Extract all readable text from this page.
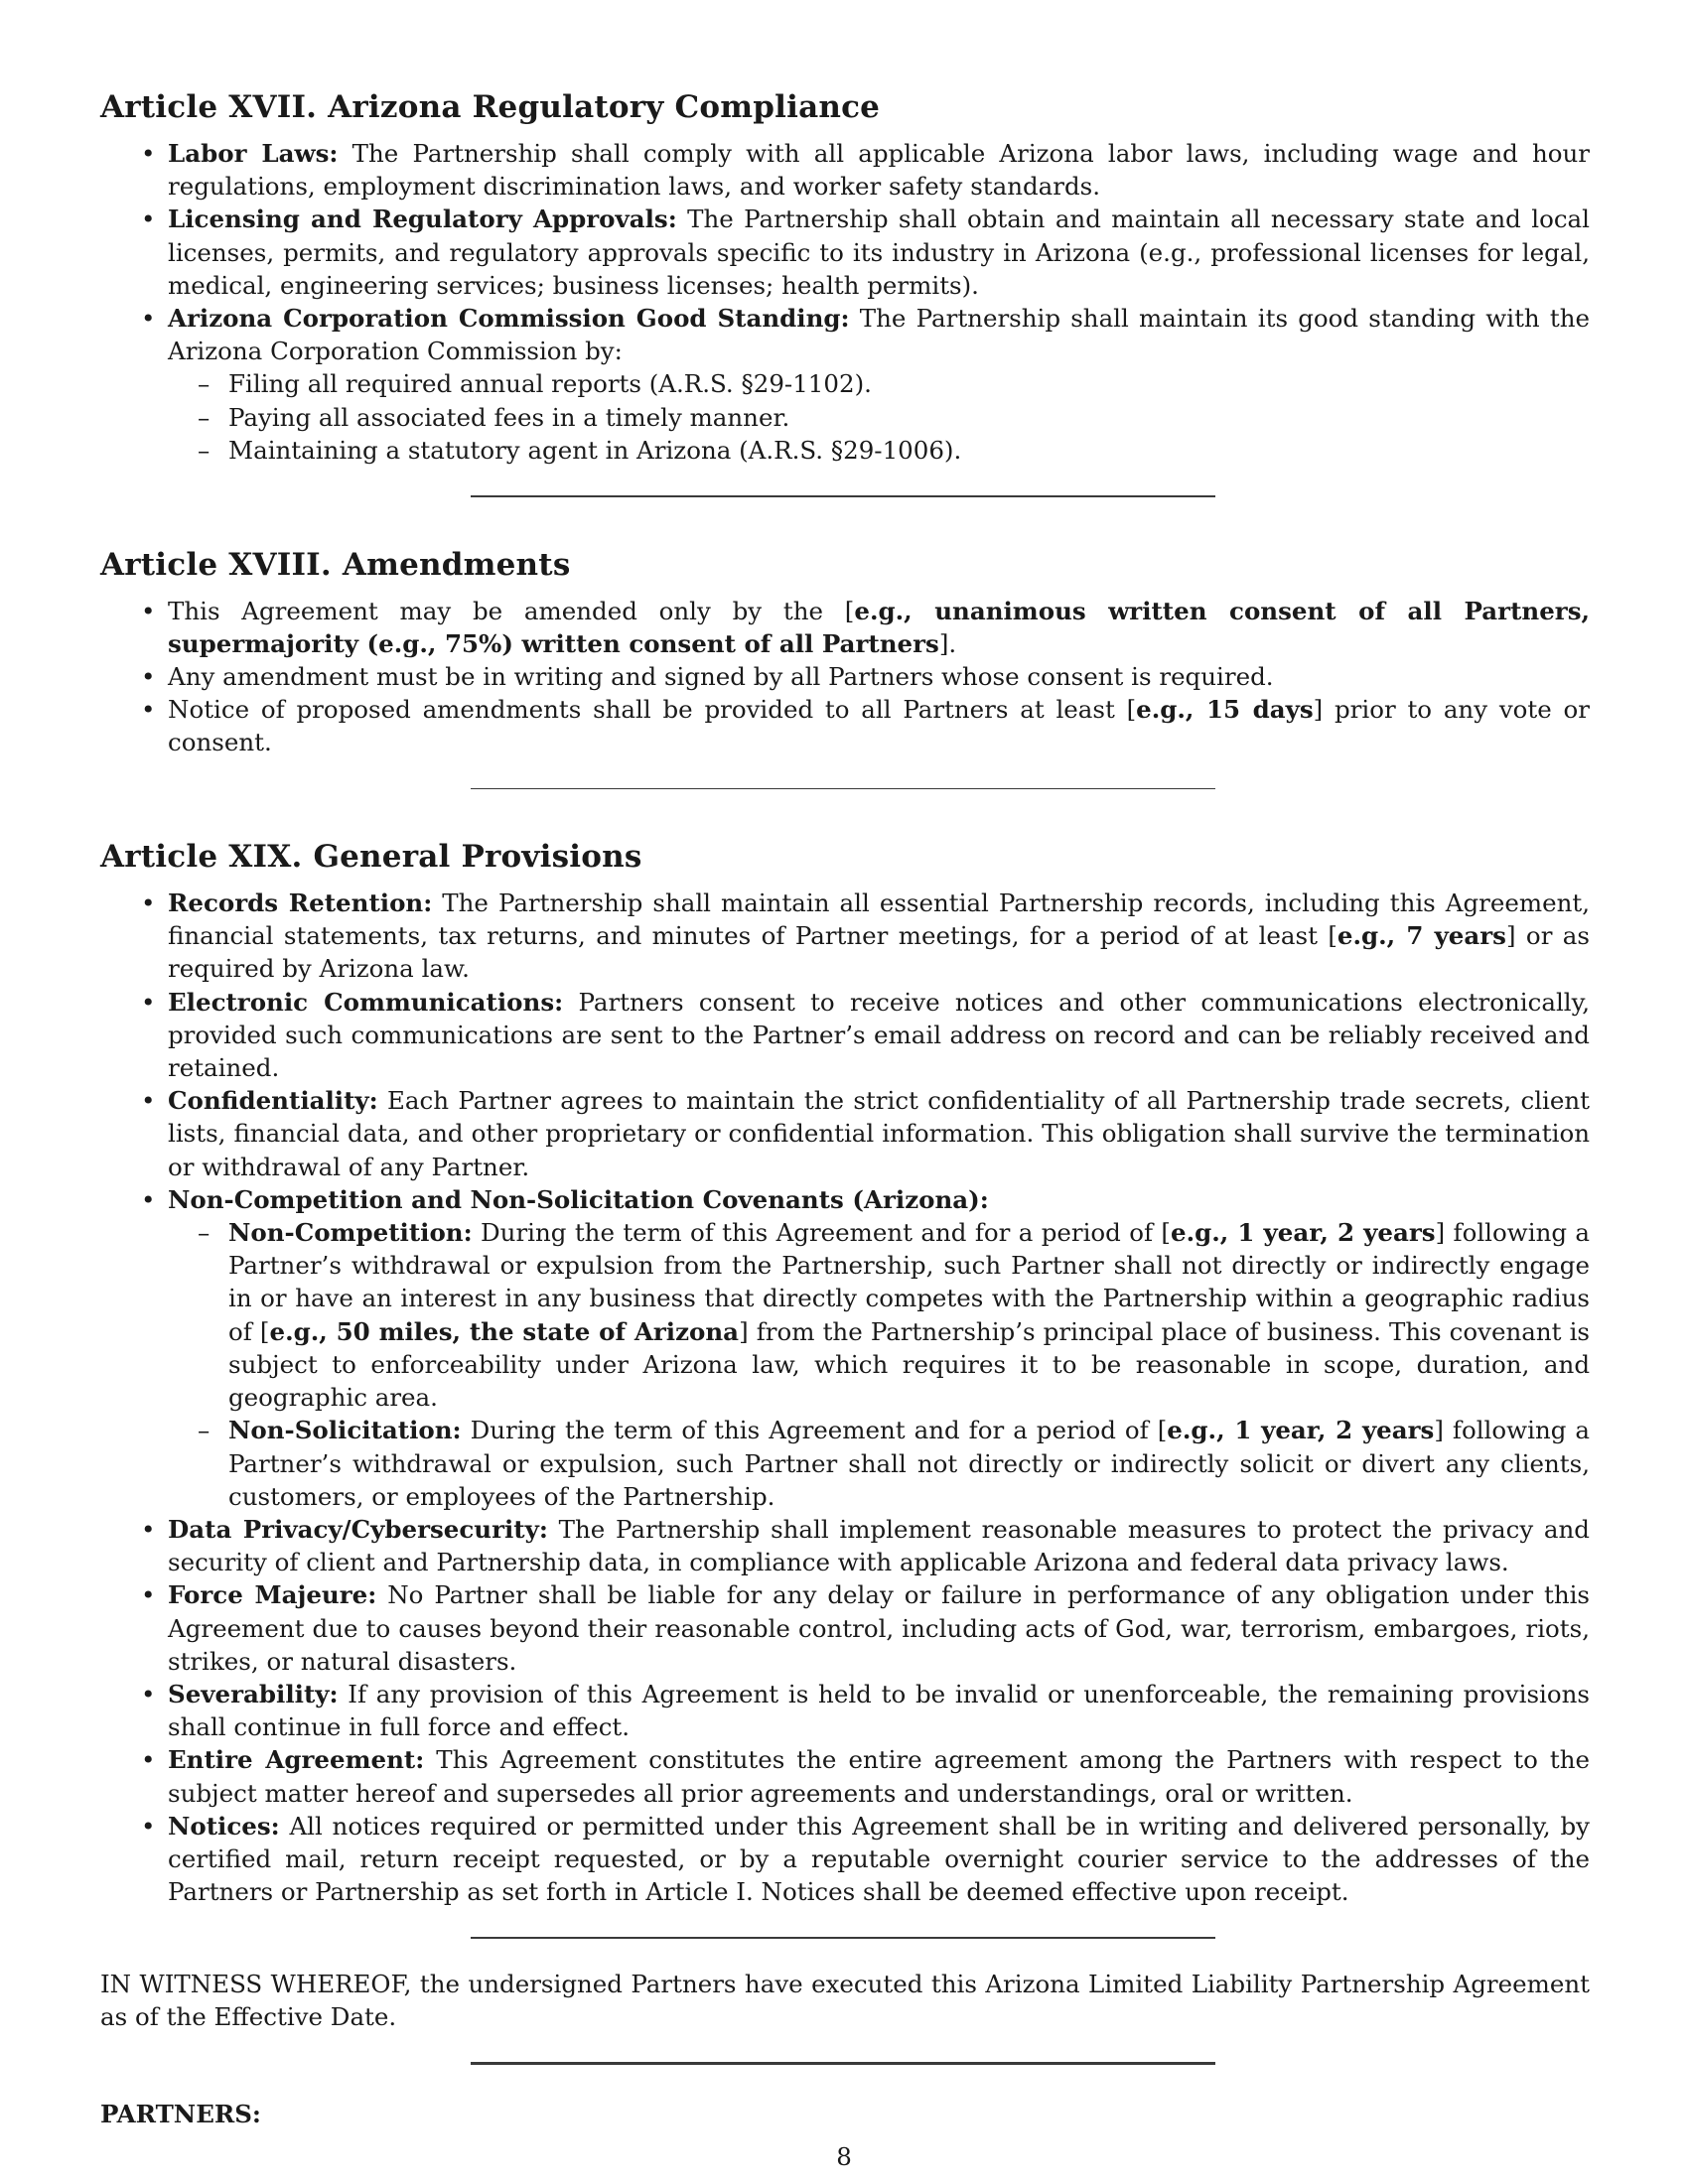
Article XVII. Arizona Regulatory Compliance
• Labor Laws: The Partnership shall comply with all applicable Arizona labor laws, including wage and hour regulations, employment discrimination laws, and worker safety standards.
• Licensing and Regulatory Approvals: The Partnership shall obtain and maintain all necessary state and local licenses, permits, and regulatory approvals specific to its industry in Arizona (e.g., professional licenses for legal, medical, engineering services; business licenses; health permits).
• Arizona Corporation Commission Good Standing: The Partnership shall maintain its good standing with the Arizona Corporation Commission by:
– Filing all required annual reports (A.R.S. §29-1102).
– Paying all associated fees in a timely manner.
– Maintaining a statutory agent in Arizona (A.R.S. §29-1006).
Article XVIII. Amendments
• This Agreement may be amended only by the [e.g., unanimous written consent of all Partners, supermajority (e.g., 75%) written consent of all Partners].
• Any amendment must be in writing and signed by all Partners whose consent is required.
• Notice of proposed amendments shall be provided to all Partners at least [e.g., 15 days] prior to any vote or consent.
Article XIX. General Provisions
• Records Retention: The Partnership shall maintain all essential Partnership records, including this Agreement, financial statements, tax returns, and minutes of Partner meetings, for a period of at least [e.g., 7 years] or as required by Arizona law.
• Electronic Communications: Partners consent to receive notices and other communications electronically, provided such communications are sent to the Partner’s email address on record and can be reliably received and retained.
• Confidentiality: Each Partner agrees to maintain the strict confidentiality of all Partnership trade secrets, client lists, financial data, and other proprietary or confidential information. This obligation shall survive the termination or withdrawal of any Partner.
• Non-Competition and Non-Solicitation Covenants (Arizona):
– Non-Competition: During the term of this Agreement and for a period of [e.g., 1 year, 2 years] following a Partner’s withdrawal or expulsion from the Partnership, such Partner shall not directly or indirectly engage in or have an interest in any business that directly competes with the Partnership within a geographic radius of [e.g., 50 miles, the state of Arizona] from the Partnership’s principal place of business. This covenant is subject to enforceability under Arizona law, which requires it to be reasonable in scope, duration, and geographic area.
– Non-Solicitation: During the term of this Agreement and for a period of [e.g., 1 year, 2 years] following a Partner’s withdrawal or expulsion, such Partner shall not directly or indirectly solicit or divert any clients, customers, or employees of the Partnership.
• Data Privacy/Cybersecurity: The Partnership shall implement reasonable measures to protect the privacy and security of client and Partnership data, in compliance with applicable Arizona and federal data privacy laws.
• Force Majeure: No Partner shall be liable for any delay or failure in performance of any obligation under this Agreement due to causes beyond their reasonable control, including acts of God, war, terrorism, embargoes, riots, strikes, or natural disasters.
• Severability: If any provision of this Agreement is held to be invalid or unenforceable, the remaining provisions shall continue in full force and effect.
• Entire Agreement: This Agreement constitutes the entire agreement among the Partners with respect to the subject matter hereof and supersedes all prior agreements and understandings, oral or written.
• Notices: All notices required or permitted under this Agreement shall be in writing and delivered personally, by certified mail, return receipt requested, or by a reputable overnight courier service to the addresses of the Partners or Partnership as set forth in Article I. Notices shall be deemed effective upon receipt.

IN WITNESS WHEREOF, the undersigned Partners have executed this Arizona Limited Liability Partnership Agreement as of the Effective Date.

PARTNERS:

8
